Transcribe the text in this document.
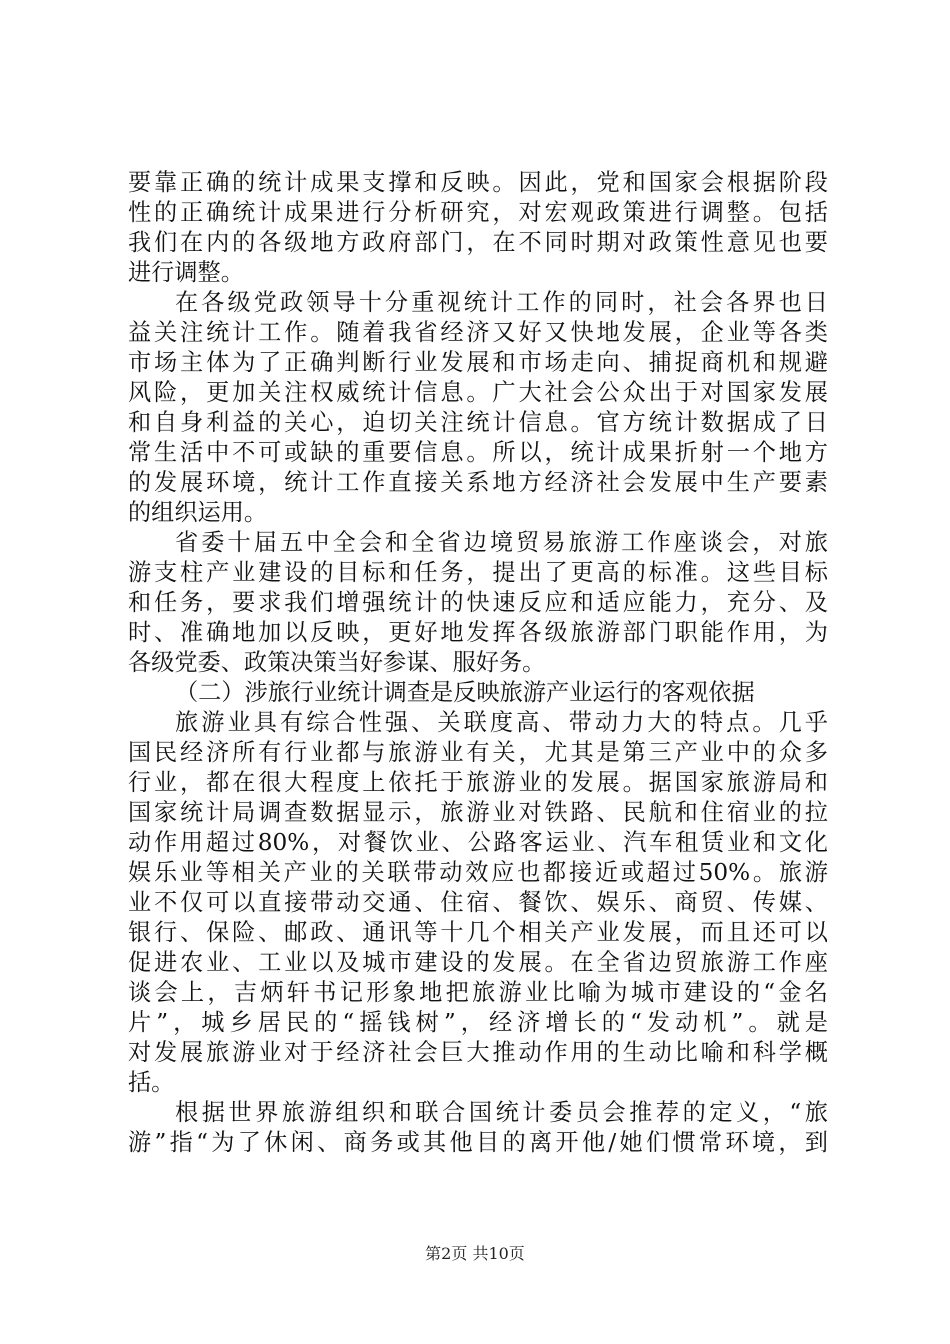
要靠正确的统计成果支撑和反映。因此，党和国家会根据阶段
性的正确统计成果进行分析研究，对宏观政策进行调整。包括
我们在内的各级地方政府部门，在不同时期对政策性意见也要
进行调整。
在各级党政领导十分重视统计工作的同时，社会各界也日
益关注统计工作。随着我省经济又好又快地发展，企业等各类
市场主体为了正确判断行业发展和市场走向、捕捉商机和规避
风险，更加关注权威统计信息。广大社会公众出于对国家发展
和自身利益的关心，迫切关注统计信息。官方统计数据成了日
常生活中不可或缺的重要信息。所以，统计成果折射一个地方
的发展环境，统计工作直接关系地方经济社会发展中生产要素
的组织运用。
省委十届五中全会和全省边境贸易旅游工作座谈会，对旅
游支柱产业建设的目标和任务，提出了更高的标准。这些目标
和任务，要求我们增强统计的快速反应和适应能力，充分、及
时、准确地加以反映，更好地发挥各级旅游部门职能作用，为
各级党委、政策决策当好参谋、服好务。
（二）涉旅行业统计调查是反映旅游产业运行的客观依据
旅游业具有综合性强、关联度高、带动力大的特点。几乎
国民经济所有行业都与旅游业有关，尤其是第三产业中的众多
行业，都在很大程度上依托于旅游业的发展。据国家旅游局和
国家统计局调查数据显示，旅游业对铁路、民航和住宿业的拉
动作用超过80%，对餐饮业、公路客运业、汽车租赁业和文化
娱乐业等相关产业的关联带动效应也都接近或超过50%。旅游
业不仅可以直接带动交通、住宿、餐饮、娱乐、商贸、传媒、
银行、保险、邮政、通讯等十几个相关产业发展，而且还可以
促进农业、工业以及城市建设的发展。在全省边贸旅游工作座
谈会上，吉炳轩书记形象地把旅游业比喻为城市建设的“金名
片”，城乡居民的“摇钱树”，经济增长的“发动机”。就是
对发展旅游业对于经济社会巨大推动作用的生动比喻和科学概
括。
根据世界旅游组织和联合国统计委员会推荐的定义，“旅
游”指“为了休闲、商务或其他目的离开他/她们惯常环境，到
第2页 共10页
